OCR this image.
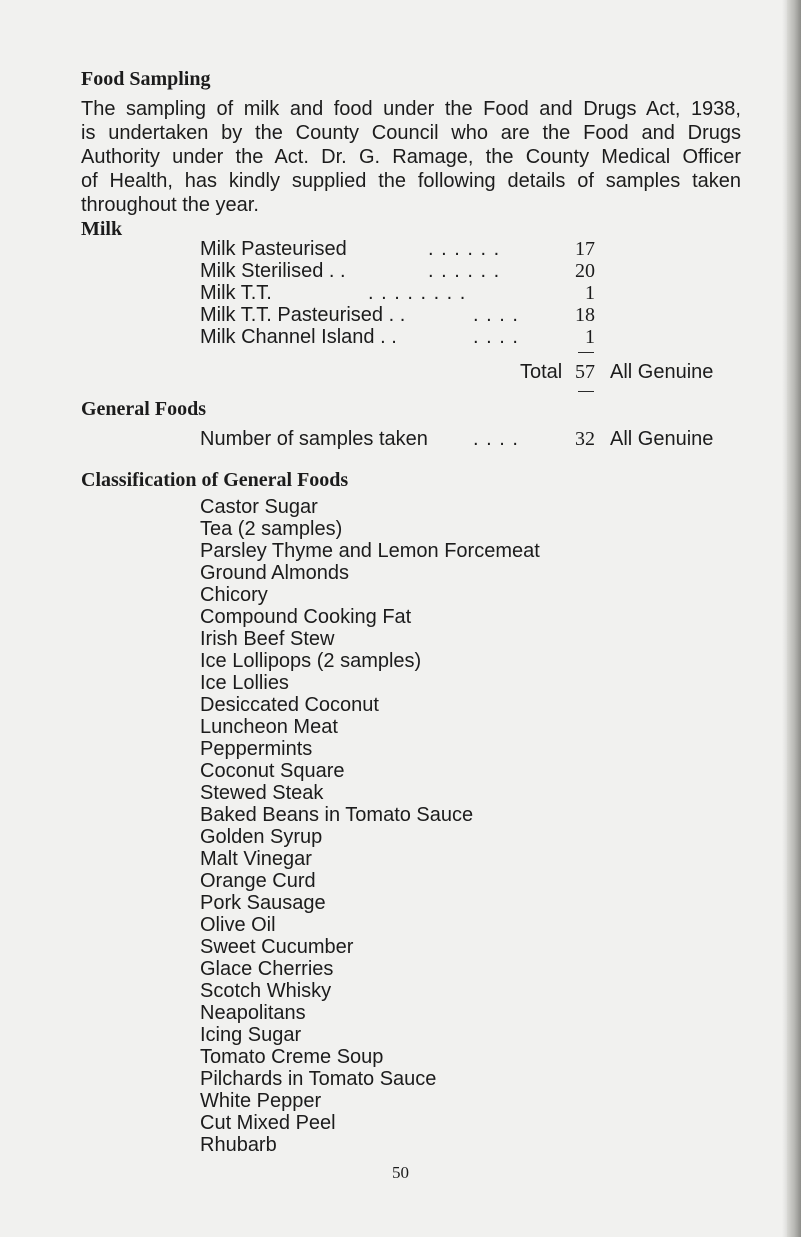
Food Sampling
The sampling of milk and food under the Food and Drugs Act, 1938,
is undertaken by the County Council who are the Food and Drugs
Authority under the Act. Dr. G. Ramage, the County Medical Officer
of Health, has kindly supplied the following details of samples taken
throughout the year.
Milk
Milk Pasteurised	. . . . . .	17
Milk Sterilised . .	. . . . . .	20
Milk T.T.	. . . . . . . .	1
Milk T.T. Pasteurised . .	. . . .	18
Milk Channel Island . .	. . . .	1
Total 57 All Genuine
General Foods
Number of samples taken . . . .	32 All Genuine
Classification of General Foods
Castor Sugar
Tea (2 samples)
Parsley Thyme and Lemon Forcemeat
Ground Almonds
Chicory
Compound Cooking Fat
Irish Beef Stew
Ice Lollipops (2 samples)
Ice Lollies
Desiccated Coconut
Luncheon Meat
Peppermints
Coconut Square
Stewed Steak
Baked Beans in Tomato Sauce
Golden Syrup
Malt Vinegar
Orange Curd
Pork Sausage
Olive Oil
Sweet Cucumber
Glace Cherries
Scotch Whisky
Neapolitans
Icing Sugar
Tomato Creme Soup
Pilchards in Tomato Sauce
White Pepper
Cut Mixed Peel
Rhubarb
50
